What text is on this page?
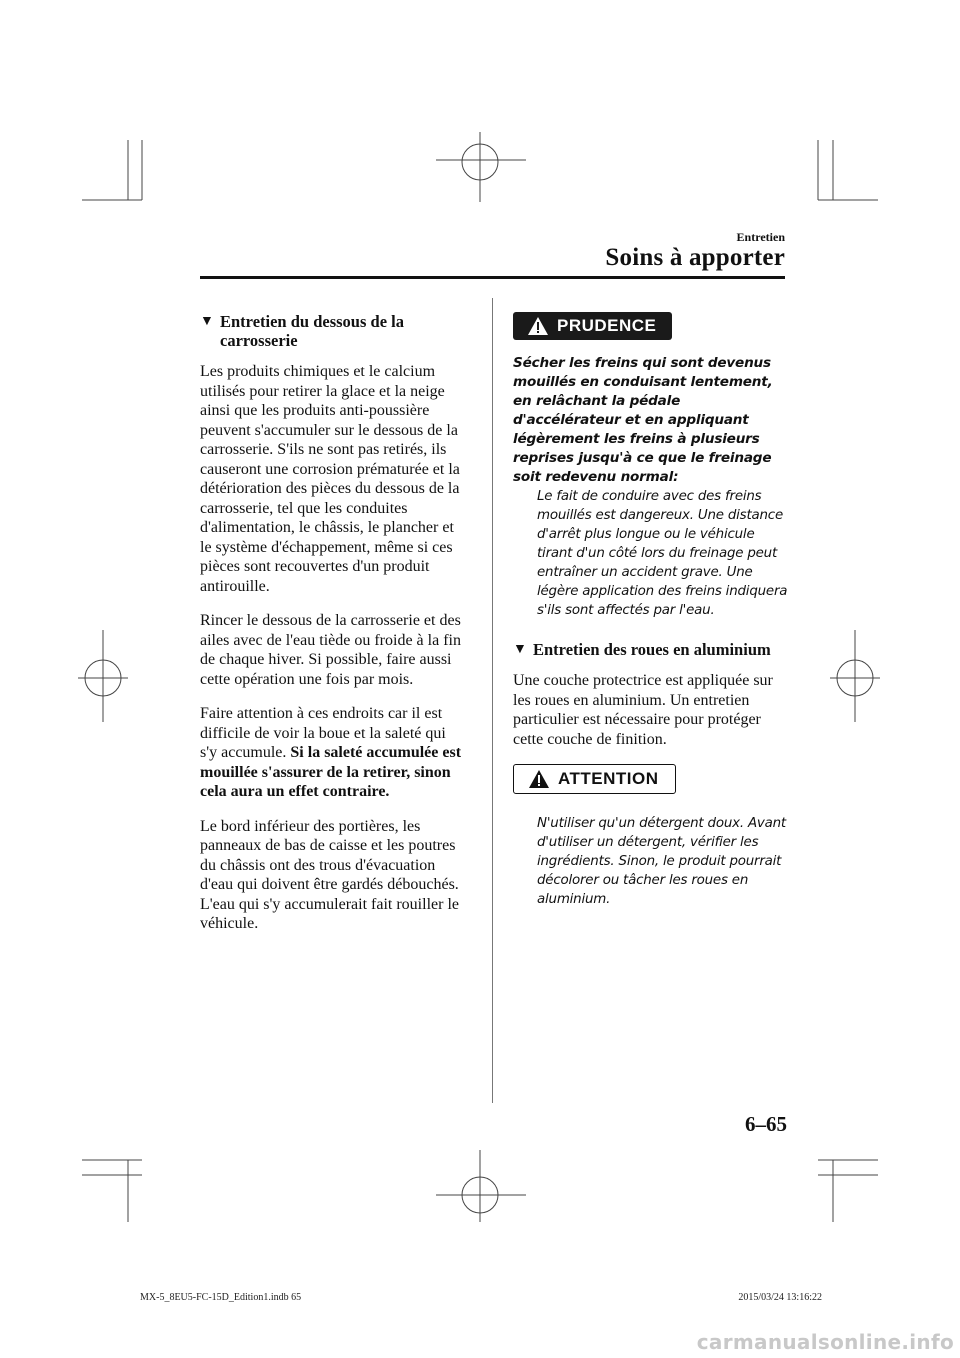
Entretien
Soins à apporter
▼ Entretien du dessous de la carrosserie

Les produits chimiques et le calcium utilisés pour retirer la glace et la neige ainsi que les produits anti-poussière peuvent s'accumuler sur le dessous de la carrosserie. S'ils ne sont pas retirés, ils causeront une corrosion prématurée et la détérioration des pièces du dessous de la carrosserie, tel que les conduites d'alimentation, le châssis, le plancher et le système d'échappement, même si ces pièces sont recouvertes d'un produit antirouille.

Rincer le dessous de la carrosserie et des ailes avec de l'eau tiède ou froide à la fin de chaque hiver. Si possible, faire aussi cette opération une fois par mois.

Faire attention à ces endroits car il est difficile de voir la boue et la saleté qui s'y accumule. Si la saleté accumulée est mouillée s'assurer de la retirer, sinon cela aura un effet contraire.

Le bord inférieur des portières, les panneaux de bas de caisse et les poutres du châssis ont des trous d'évacuation d'eau qui doivent être gardés débouchés. L'eau qui s'y accumulerait fait rouiller le véhicule.

PRUDENCE

Sécher les freins qui sont devenus mouillés en conduisant lentement, en relâchant la pédale d'accélérateur et en appliquant légèrement les freins à plusieurs reprises jusqu'à ce que le freinage soit redevenu normal:

Le fait de conduire avec des freins mouillés est dangereux. Une distance d'arrêt plus longue ou le véhicule tirant d'un côté lors du freinage peut entraîner un accident grave. Une légère application des freins indiquera s'ils sont affectés par l'eau.

▼ Entretien des roues en aluminium

Une couche protectrice est appliquée sur les roues en aluminium. Un entretien particulier est nécessaire pour protéger cette couche de finition.

ATTENTION

N'utiliser qu'un détergent doux. Avant d'utiliser un détergent, vérifier les ingrédients. Sinon, le produit pourrait décolorer ou tâcher les roues en aluminium.

6–65
MX-5_8EU5-FC-15D_Edition1.indb 65	2015/03/24 13:16:22
carmanualsonline.info
